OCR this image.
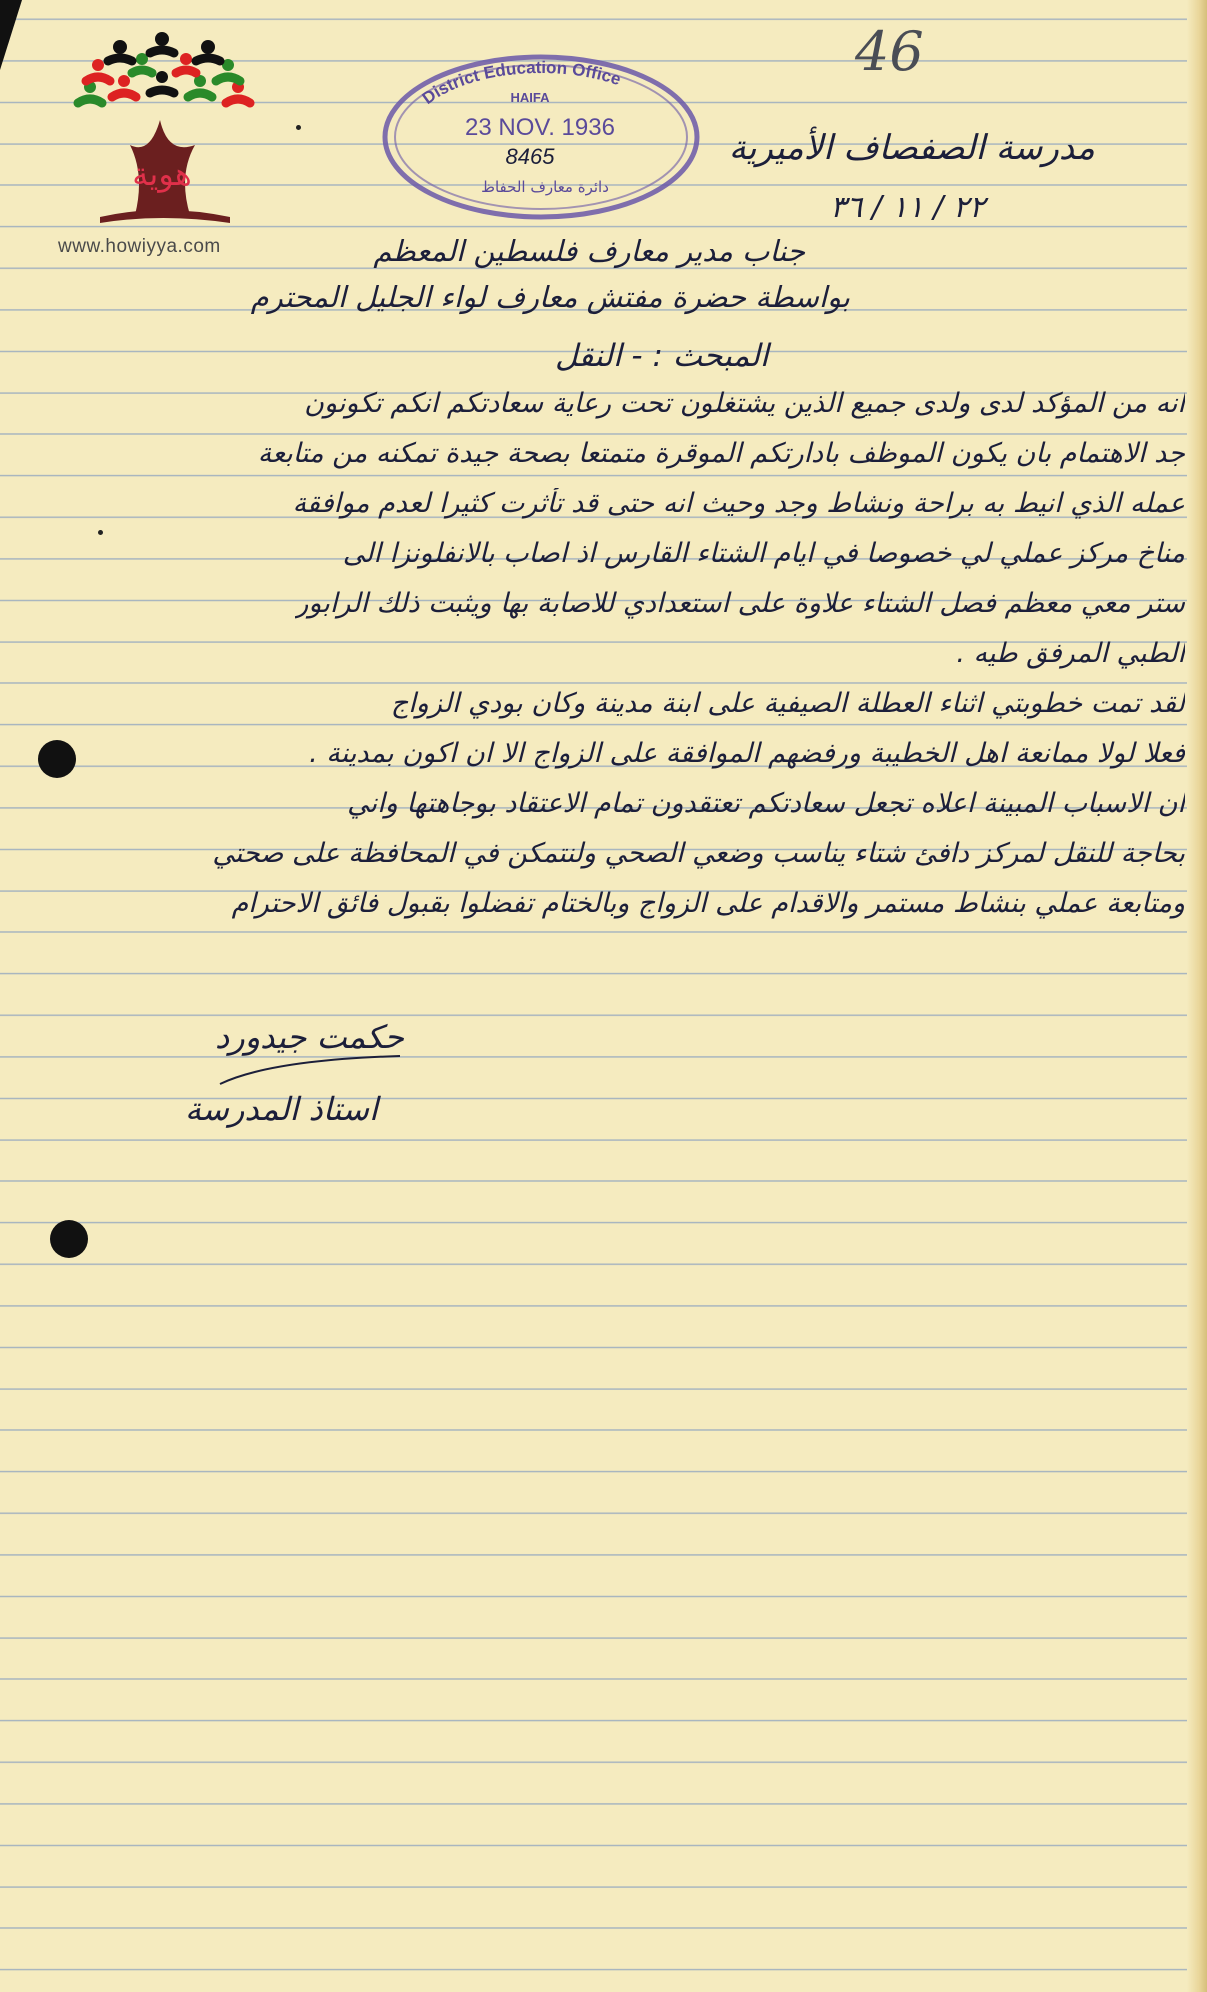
هوية
www.howiyya.com
District Education Office
HAIFA
23 NOV. 1936
8465
دائرة معارف الحفاظ
46
مدرسة الصفصاف الأميرية
٢٢ / ١١ / ٣٦
جناب مدير معارف فلسطين المعظم
بواسطة حضرة مفتش معارف لواء الجليل المحترم
المبحث : - النقل
انه من المؤكد لدى ولدى جميع الذين يشتغلون تحت رعاية سعادتكم انكم تكونون
جد الاهتمام بان يكون الموظف بادارتكم الموقرة متمتعا بصحة جيدة تمكنه من متابعة
عمله الذي انيط به براحة ونشاط وجد وحيث انه حتى قد تأثرت كثيرا لعدم موافقة
مناخ مركز عملي لي خصوصا في ايام الشتاء القارس اذ اصاب بالانفلونزا الى
ستر معي معظم فصل الشتاء علاوة على استعدادي للاصابة بها ويثبت ذلك الرابور
الطبي المرفق طيه .
لقد تمت خطوبتي اثناء العطلة الصيفية على ابنة مدينة وكان بودي الزواج
فعلا لولا ممانعة اهل الخطيبة ورفضهم الموافقة على الزواج الا ان اكون بمدينة .
ان الاسباب المبينة اعلاه تجعل سعادتكم تعتقدون تمام الاعتقاد بوجاهتها واني
بحاجة للنقل لمركز دافئ شتاء يناسب وضعي الصحي ولنتمكن في المحافظة على صحتي
ومتابعة عملي بنشاط مستمر والاقدام على الزواج وبالختام تفضلوا بقبول فائق الاحترام
حكمت جيدورد
استاذ المدرسة
